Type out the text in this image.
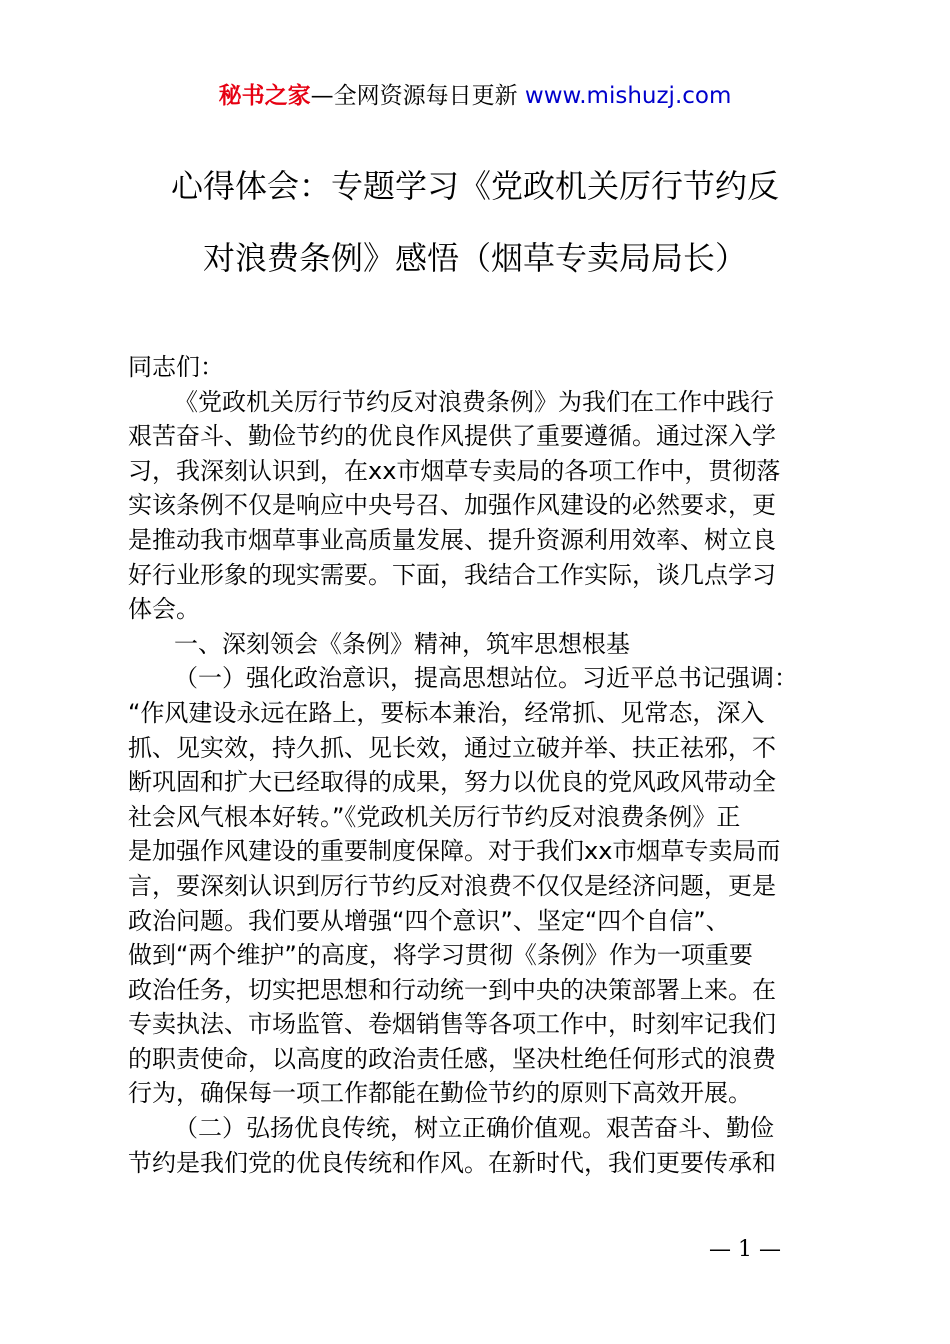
秘书之家—全网资源每日更新 www.mishuzj.com
心得体会：专题学习《党政机关厉行节约反
对浪费条例》感悟（烟草专卖局局长）
同志们：
《党政机关厉行节约反对浪费条例》为我们在工作中践行
艰苦奋斗、勤俭节约的优良作风提供了重要遵循。通过深入学
习，我深刻认识到，在xx市烟草专卖局的各项工作中，贯彻落
实该条例不仅是响应中央号召、加强作风建设的必然要求，更
是推动我市烟草事业高质量发展、提升资源利用效率、树立良
好行业形象的现实需要。下面，我结合工作实际，谈几点学习
体会。
一、深刻领会《条例》精神，筑牢思想根基
（一）强化政治意识，提高思想站位。习近平总书记强调：
“作风建设永远在路上，要标本兼治，经常抓、见常态，深入
抓、见实效，持久抓、见长效，通过立破并举、扶正祛邪，不
断巩固和扩大已经取得的成果，努力以优良的党风政风带动全
社会风气根本好转。”《党政机关厉行节约反对浪费条例》正
是加强作风建设的重要制度保障。对于我们xx市烟草专卖局而
言，要深刻认识到厉行节约反对浪费不仅仅是经济问题，更是
政治问题。我们要从增强“四个意识”、坚定“四个自信”、
做到“两个维护”的高度，将学习贯彻《条例》作为一项重要
政治任务，切实把思想和行动统一到中央的决策部署上来。在
专卖执法、市场监管、卷烟销售等各项工作中，时刻牢记我们
的职责使命，以高度的政治责任感，坚决杜绝任何形式的浪费
行为，确保每一项工作都能在勤俭节约的原则下高效开展。
（二）弘扬优良传统，树立正确价值观。艰苦奋斗、勤俭
节约是我们党的优良传统和作风。在新时代，我们更要传承和
— 1 —
